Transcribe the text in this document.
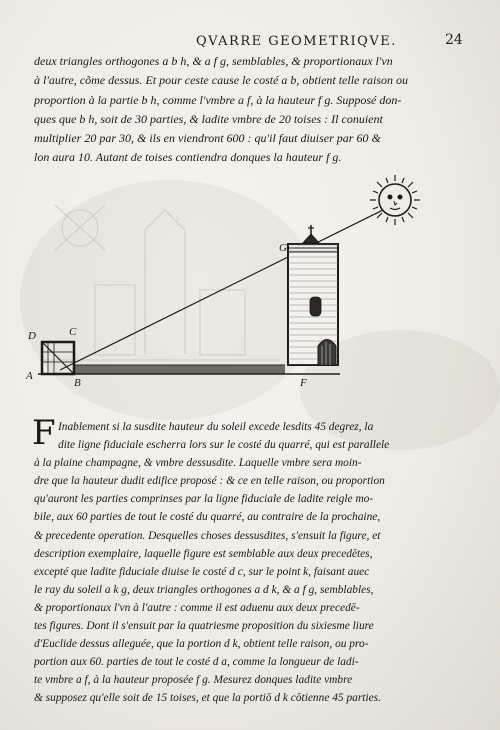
QVARRE GEOMETRIQVE.	24
deux triangles orthogones a b h, & a f g, semblables, & proportionaux l'vn
à l'autre, cõme dessus. Et pour ceste cause le costé a b, obtient telle raison ou
proportion à la partie b h, comme l'vmbre a f, à la hauteur f g. Supposé don-
ques que b h, soit de 30 parties, & ladite vmbre de 20 toises : Il conuient
multiplier 20 par 30, & ils en viendront 600 : qu'il faut diuiser par 60 &
lon aura 10. Autant de toises contiendra donques la hauteur f g.
D	C
A
B
G
F
F Inablement si la susdite hauteur du soleil excede lesdits 45 degrez, la
dite ligne fiduciale escherra lors sur le costé du quarré, qui est parallele
à la plaine champagne, & vmbre dessusdite. Laquelle vmbre sera moin-
dre que la hauteur dudit edifice proposé : & ce en telle raison, ou proportion
qu'auront les parties comprinses par la ligne fiduciale de ladite reigle mo-
bile, aux 60 parties de tout le costé du quarré, au contraire de la prochaine,
& precedente operation. Desquelles choses dessusdites, s'ensuit la figure, et
description exemplaire, laquelle figure est semblable aux deux precedētes,
excepté que ladite fiduciale diuise le costé d c, sur le point k, faisant auec
le ray du soleil a k g, deux triangles orthogones a d k, & a f g, semblables,
& proportionaux l'vn à l'autre : comme il est aduenu aux deux precedē-
tes figures. Dont il s'ensuit par la quatriesme proposition du sixiesme liure
d'Euclide dessus alleguée, que la portion d k, obtient telle raison, ou pro-
portion aux 60. parties de tout le costé d a, comme la longueur de ladi-
te vmbre a f, à la hauteur proposée f g. Mesurez donques ladite vmbre
& supposez qu'elle soit de 15 toises, et que la portiō d k cōtienne 45 parties.
